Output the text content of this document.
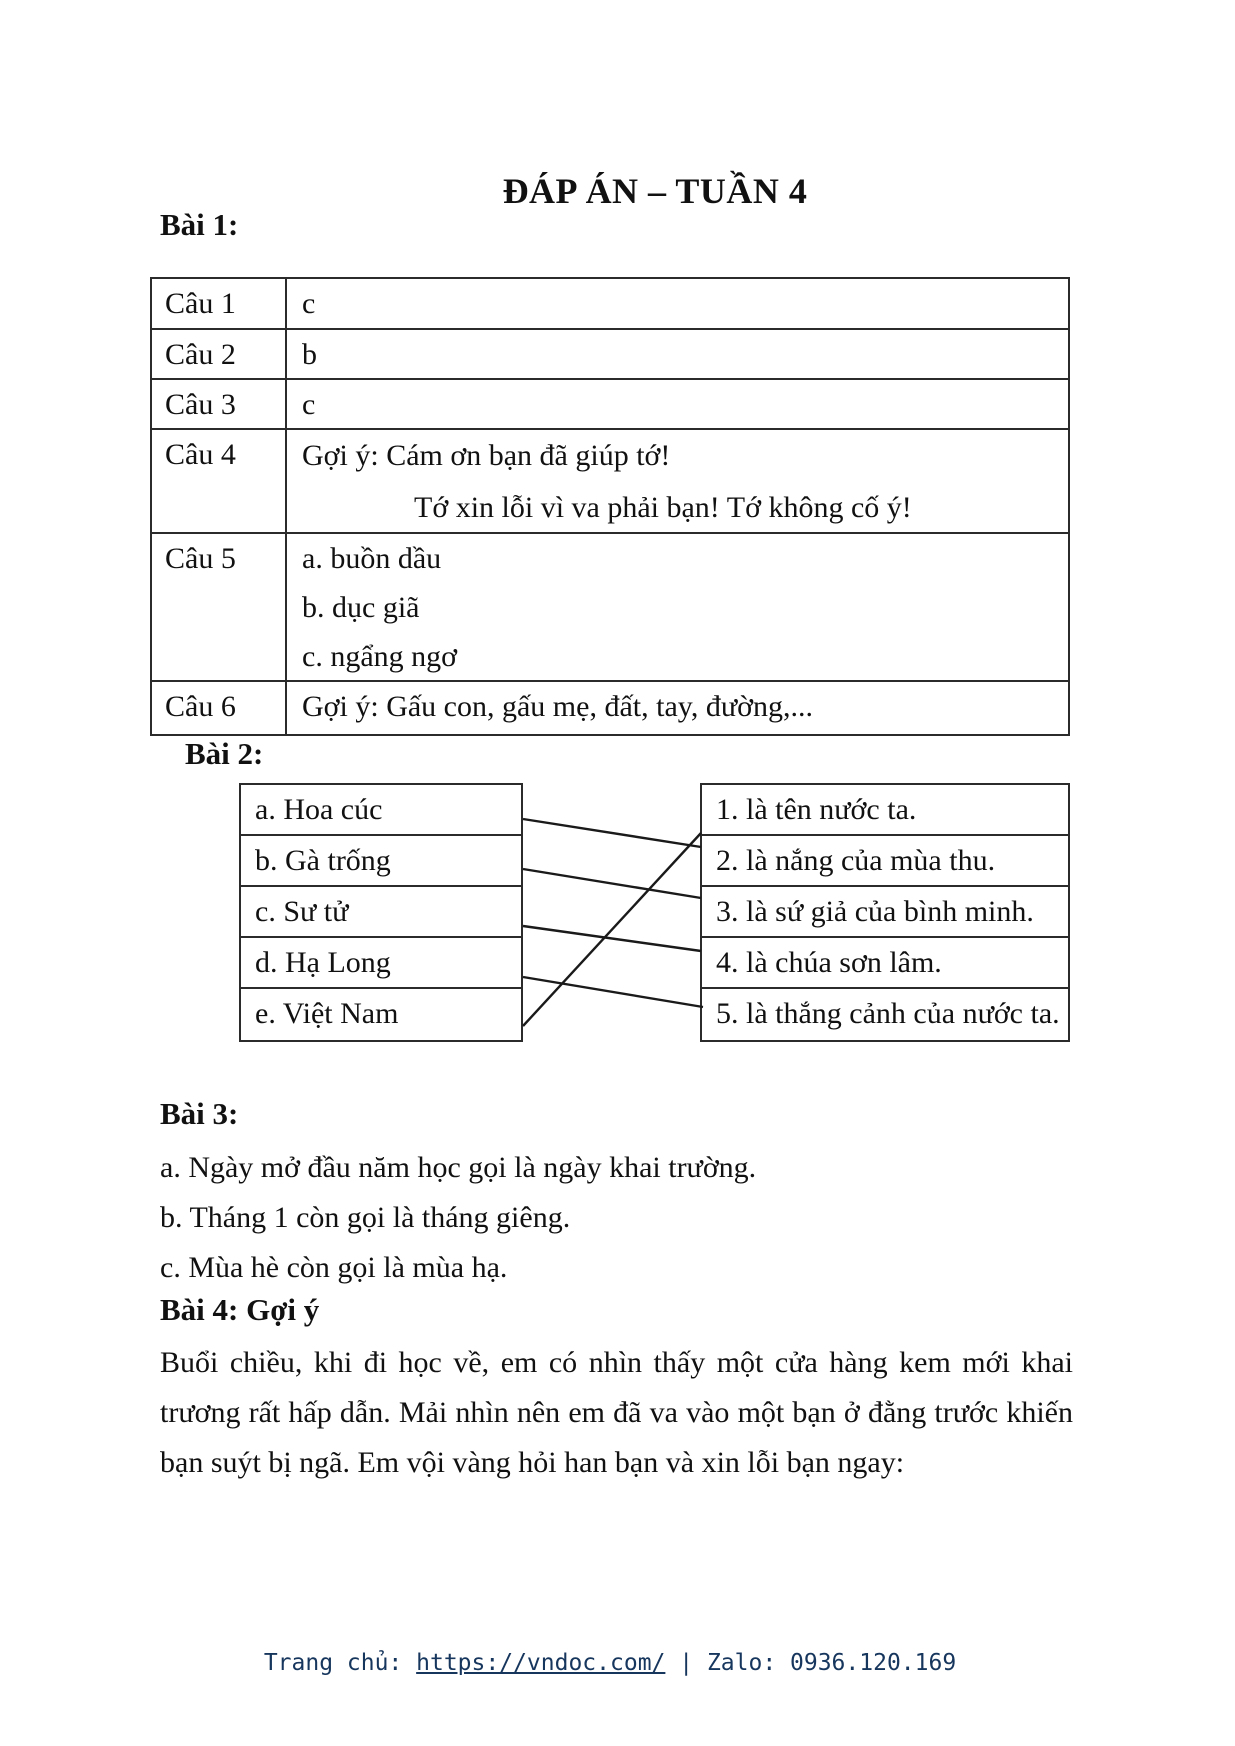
ĐÁP ÁN – TUẦN 4
Bài 1:
Câu 1	c
Câu 2	b
Câu 3	c
Câu 4	Gợi ý: Cám ơn bạn đã giúp tớ!
Tớ xin lỗi vì va phải bạn! Tớ không cố ý!
Câu 5	a. buồn dầu
b. dục giã
c. ngẩng ngơ
Câu 6	Gợi ý: Gấu con, gấu mẹ, đất, tay, đường,...
Bài 2:
a. Hoa cúc
b. Gà trống
c. Sư tử
d. Hạ Long
e. Việt Nam
1. là tên nước ta.
2. là nắng của mùa thu.
3. là sứ giả của bình minh.
4. là chúa sơn lâm.
5. là thắng cảnh của nước ta.
Bài 3:
a. Ngày mở đầu năm học gọi là ngày khai trường.
b. Tháng 1 còn gọi là tháng giêng.
c. Mùa hè còn gọi là mùa hạ.
Bài 4: Gợi ý
Buổi chiều, khi đi học về, em có nhìn thấy một cửa hàng kem mới khai trương rất hấp dẫn. Mải nhìn nên em đã va vào một bạn ở đằng trước khiến bạn suýt bị ngã. Em vội vàng hỏi han bạn và xin lỗi bạn ngay:
Trang chủ: https://vndoc.com/ | Zalo: 0936.120.169
